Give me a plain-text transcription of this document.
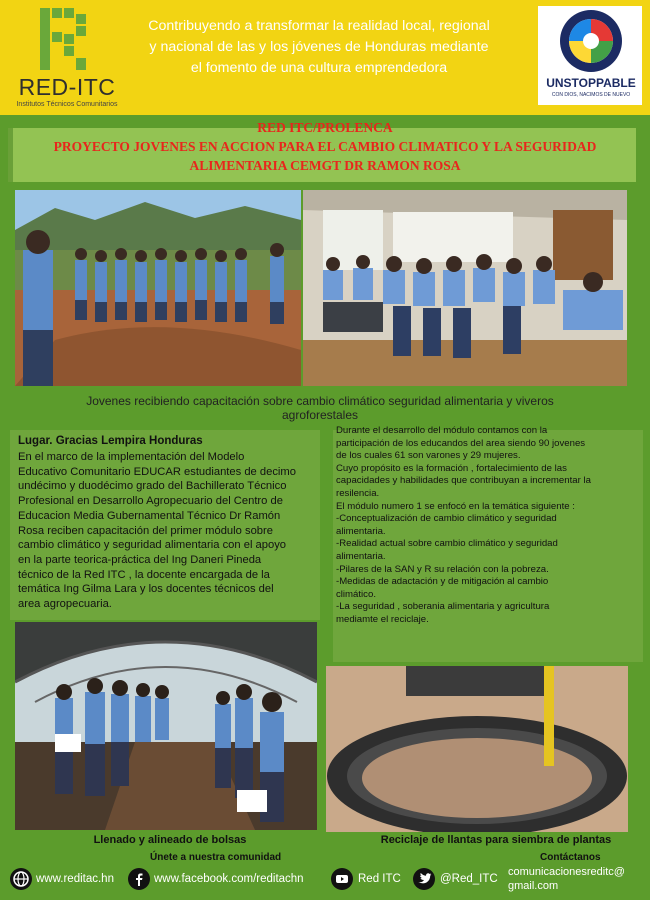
RED-ITC
Institutos Técnicos Comunitarios
Contribuyendo a transformar la realidad local, regional
y nacional de las y los jóvenes de Honduras mediante
el fomento de una cultura emprendedora
UNSTOPPABLE
CON DIOS, NACIMOS DE NUEVO
RED ITC/PROLENCA
PROYECTO JOVENES EN ACCION PARA EL CAMBIO CLIMATICO Y LA SEGURIDAD
ALIMENTARIA CEMGT DR RAMON ROSA
Jovenes recibiendo capacitación sobre cambio climático seguridad alimentaria y viveros
agroforestales
Lugar. Gracias Lempira Honduras
En el marco de la implementación del Modelo
Educativo Comunitario EDUCAR estudiantes de decimo
undécimo y duodécimo grado del Bachillerato Técnico
Profesional en Desarrollo Agropecuario del Centro de
Educacion Media Gubernamental Técnico Dr Ramón
Rosa reciben capacitación del primer módulo sobre
cambio climático y seguridad alimentaria con el apoyo
en la parte teorica-práctica del Ing Daneri Pineda
técnico de la Red ITC , la docente encargada de la
temática Ing Gilma Lara y los docentes técnicos del
area agropecuaria.
Durante el desarrollo del módulo contamos con la
participación de los educandos del area siendo 90 jovenes
de los cuales 61 son varones y 29 mujeres.
Cuyo propósito es la formación , fortalecimiento de las
capacidades y habilidades que contribuyan a incrementar la
resilencia.
El módulo numero 1 se enfocó en la temática siguiente :
-Conceptualización de cambio climático y seguridad
alimentaria.
-Realidad actual sobre cambio climático y seguridad
alimentaria.
-Pilares de la SAN y R su relación con la pobreza.
-Medidas de adactación y de mitigación al cambio
climático.
-La seguridad , soberania alimentaria y agricultura
mediamte el reciclaje.
Llenado y alineado de bolsas	Reciclaje de llantas para siembra de plantas
Únete a nuestra comunidad	Contáctanos
www.reditac.hn	www.facebook.com/reditachn	Red ITC	@Red_ITC
comunicacionesreditc@
gmail.com
